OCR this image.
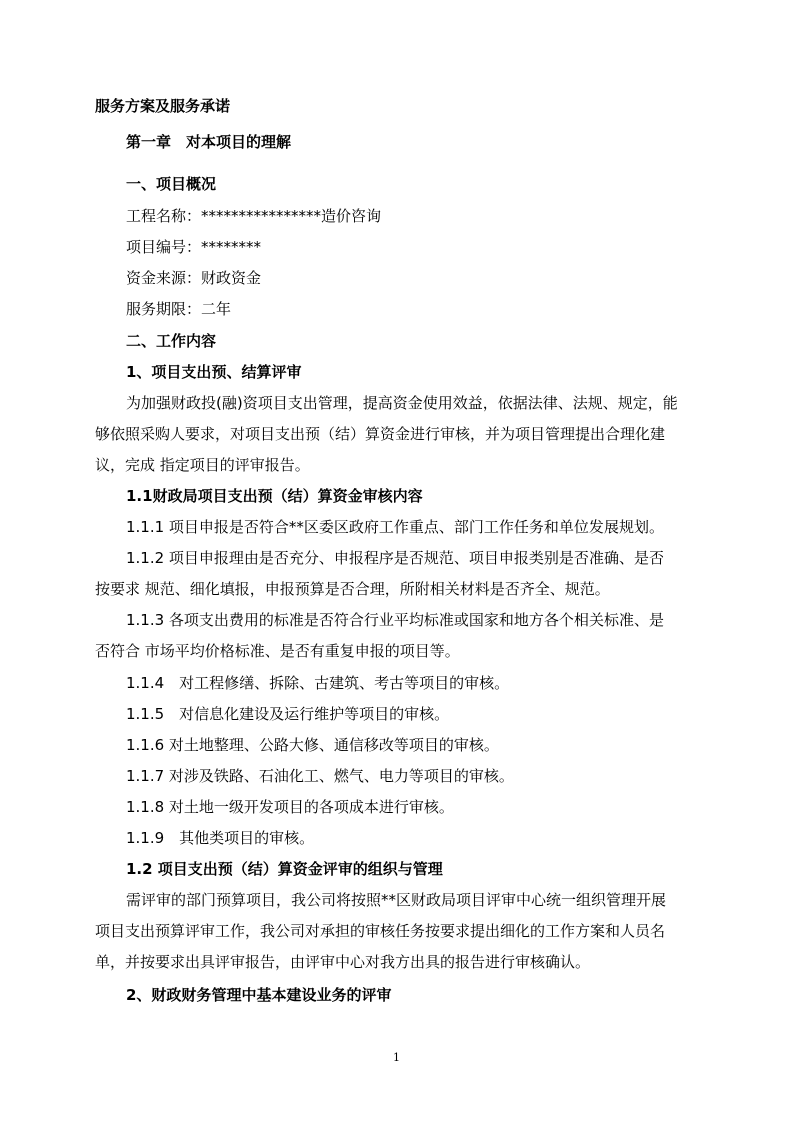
服务方案及服务承诺

第一章　对本项目的理解

一、项目概况

工程名称：****************造价咨询

项目编号：********

资金来源：财政资金

服务期限：二年

二、工作内容

1、项目支出预、结算评审

为加强财政投(融)资项目支出管理，提高资金使用效益，依据法律、法规、规定，能

够依照采购人要求，对项目支出预（结）算资金进行审核，并为项目管理提出合理化建

议，完成 指定项目的评审报告。

1.1财政局项目支出预（结）算资金审核内容

1.1.1 项目申报是否符合**区委区政府工作重点、部门工作任务和单位发展规划。

1.1.2 项目申报理由是否充分、申报程序是否规范、项目申报类别是否准确、是否

按要求 规范、细化填报，申报预算是否合理，所附相关材料是否齐全、规范。

1.1.3 各项支出费用的标准是否符合行业平均标准或国家和地方各个相关标准、是

否符合 市场平均价格标准、是否有重复申报的项目等。

1.1.4　对工程修缮、拆除、古建筑、考古等项目的审核。

1.1.5　对信息化建设及运行维护等项目的审核。

1.1.6 对土地整理、公路大修、通信移改等项目的审核。

1.1.7 对涉及铁路、石油化工、燃气、电力等项目的审核。

1.1.8 对土地一级开发项目的各项成本进行审核。

1.1.9　其他类项目的审核。

1.2 项目支出预（结）算资金评审的组织与管理

需评审的部门预算项目，我公司将按照**区财政局项目评审中心统一组织管理开展

项目支出预算评审工作，我公司对承担的审核任务按要求提出细化的工作方案和人员名

单，并按要求出具评审报告，由评审中心对我方出具的报告进行审核确认。

2、财政财务管理中基本建设业务的评审

1
